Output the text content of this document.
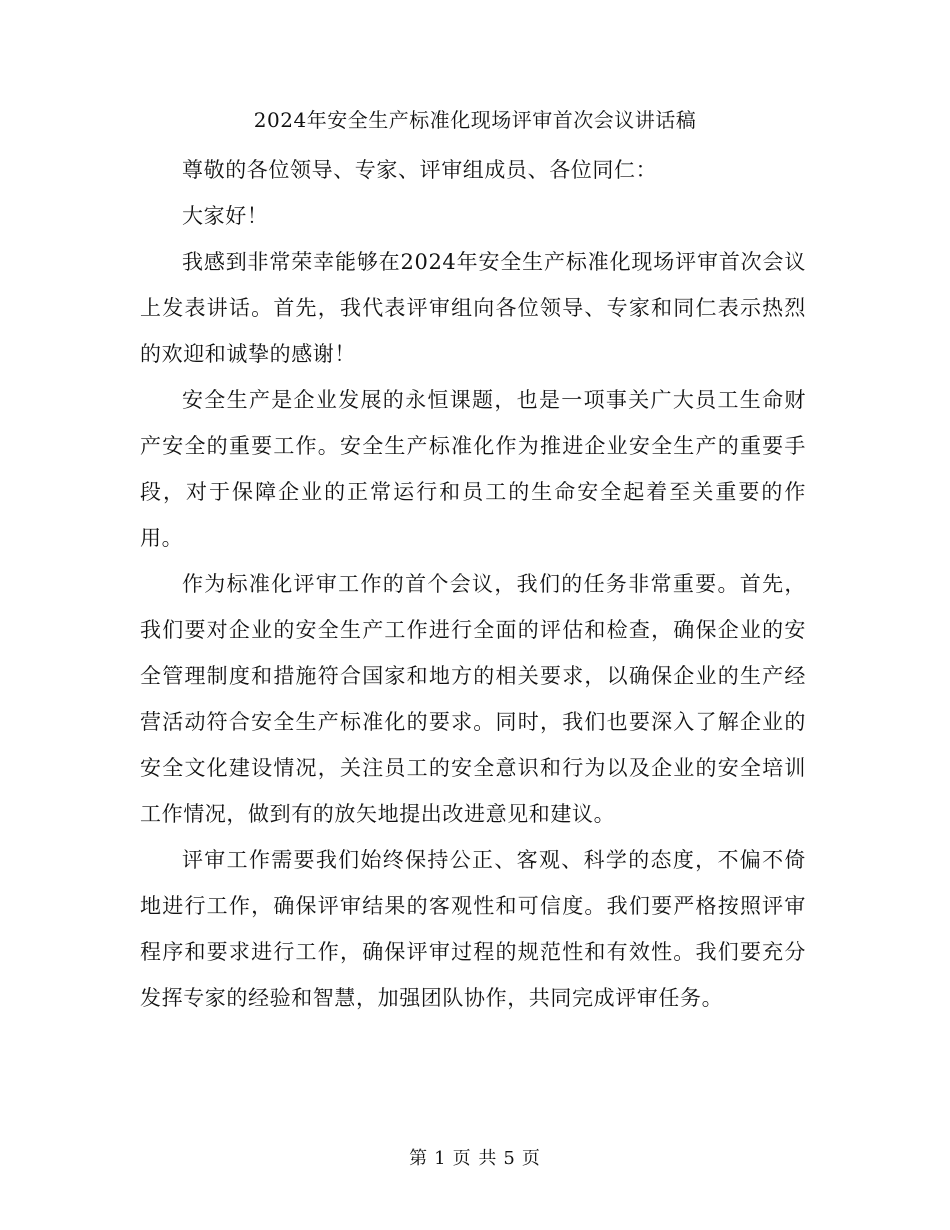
2024年安全生产标准化现场评审首次会议讲话稿

尊敬的各位领导、专家、评审组成员、各位同仁：

大家好！

我感到非常荣幸能够在2024年安全生产标准化现场评审首次会议上发表讲话。首先，我代表评审组向各位领导、专家和同仁表示热烈的欢迎和诚挚的感谢！

安全生产是企业发展的永恒课题，也是一项事关广大员工生命财产安全的重要工作。安全生产标准化作为推进企业安全生产的重要手段，对于保障企业的正常运行和员工的生命安全起着至关重要的作用。

作为标准化评审工作的首个会议，我们的任务非常重要。首先，我们要对企业的安全生产工作进行全面的评估和检查，确保企业的安全管理制度和措施符合国家和地方的相关要求，以确保企业的生产经营活动符合安全生产标准化的要求。同时，我们也要深入了解企业的安全文化建设情况，关注员工的安全意识和行为以及企业的安全培训工作情况，做到有的放矢地提出改进意见和建议。

评审工作需要我们始终保持公正、客观、科学的态度，不偏不倚地进行工作，确保评审结果的客观性和可信度。我们要严格按照评审程序和要求进行工作，确保评审过程的规范性和有效性。我们要充分发挥专家的经验和智慧，加强团队协作，共同完成评审任务。

第 1 页 共 5 页
